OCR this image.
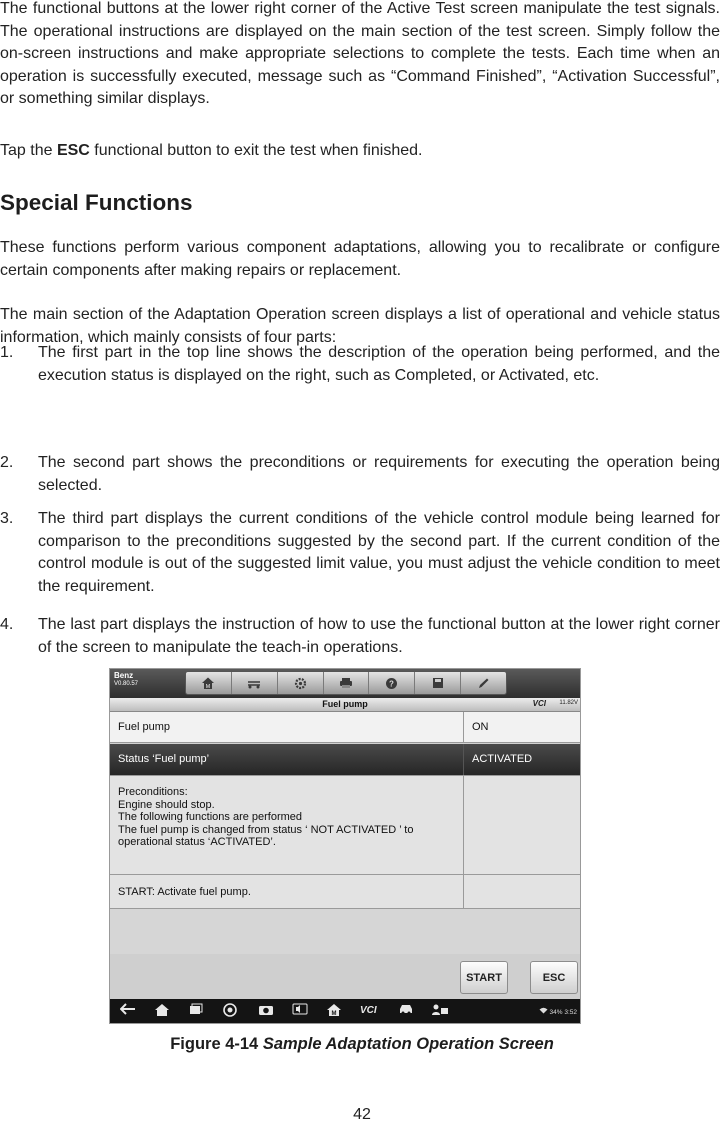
The functional buttons at the lower right corner of the Active Test screen manipulate the test signals. The operational instructions are displayed on the main section of the test screen. Simply follow the on-screen instructions and make appropriate selections to complete the tests. Each time when an operation is successfully executed, message such as “Command Finished”, “Activation Successful”, or something similar displays.

Tap the ESC functional button to exit the test when finished.

Special Functions

These functions perform various component adaptations, allowing you to recalibrate or configure certain components after making repairs or replacement.

The main section of the Adaptation Operation screen displays a list of operational and vehicle status information, which mainly consists of four parts:

1. The first part in the top line shows the description of the operation being performed, and the execution status is displayed on the right, such as Completed, or Activated, etc.
2. The second part shows the preconditions or requirements for executing the operation being selected.
3. The third part displays the current conditions of the vehicle control module being learned for comparison to the preconditions suggested by the second part. If the current condition of the control module is out of the suggested limit value, you must adjust the vehicle condition to meet the requirement.
4. The last part displays the instruction of how to use the functional button at the lower right corner of the screen to manipulate the teach-in operations.
Benz
V0.80.57	M	?
Fuel pump	VCI 11.82V
Fuel pump	ON
Status ‘Fuel pump’	ACTIVATED
Preconditions:
Engine should stop.
The following functions are performed
The fuel pump is changed from status ‘ NOT ACTIVATED ’ to
operational status ‘ACTIVATED’.
START: Activate fuel pump.
START	ESC
M VCI	34% 3:52
Figure 4-14 Sample Adaptation Operation Screen
42
